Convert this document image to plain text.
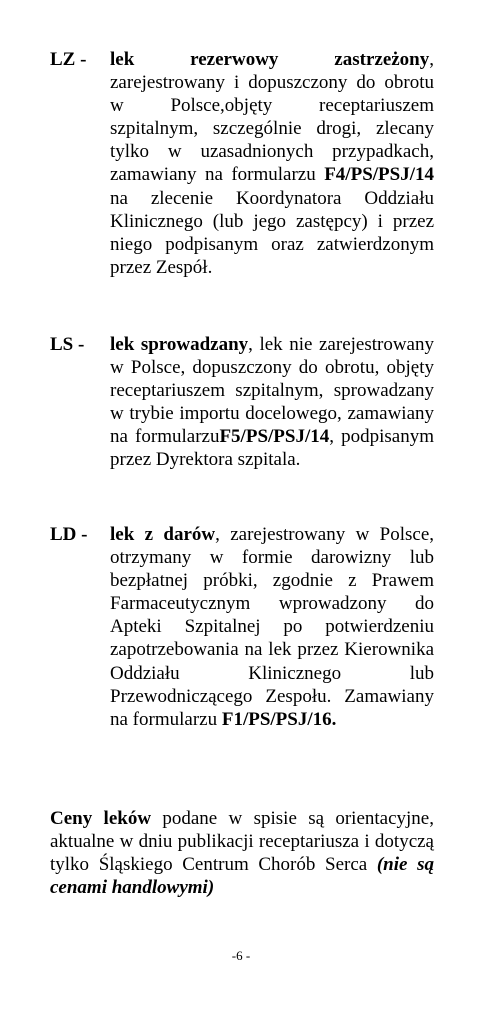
LZ - lek rezerwowy zastrzeżony, zarejestrowany i dopuszczony do obrotu w Polsce,objęty receptariuszem szpitalnym, szczególnie drogi, zlecany tylko w uzasadnionych przypadkach, zamawiany na formularzu F4/PS/PSJ/14 na zlecenie Koordynatora Oddziału Klinicznego (lub jego zastępcy) i przez niego podpisanym oraz zatwierdzonym przez Zespół.
LS - lek sprowadzany, lek nie zarejestrowany w Polsce, dopuszczony do obrotu, objęty receptariuszem szpitalnym, sprowadzany w trybie importu docelowego, zamawiany na formularzuF5/PS/PSJ/14, podpisanym przez Dyrektora szpitala.
LD - lek z darów, zarejestrowany w Polsce, otrzymany w formie darowizny lub bezpłatnej próbki, zgodnie z Prawem Farmaceutycznym wprowadzony do Apteki Szpitalnej po potwierdzeniu zapotrzebowania na lek przez Kierownika Oddziału Klinicznego lub Przewodniczącego Zespołu. Zamawiany na formularzu F1/PS/PSJ/16.
Ceny leków podane w spisie są orientacyjne, aktualne w dniu publikacji receptariusza i dotyczą tylko Śląskiego Centrum Chorób Serca (nie są cenami handlowymi)
-6 -
